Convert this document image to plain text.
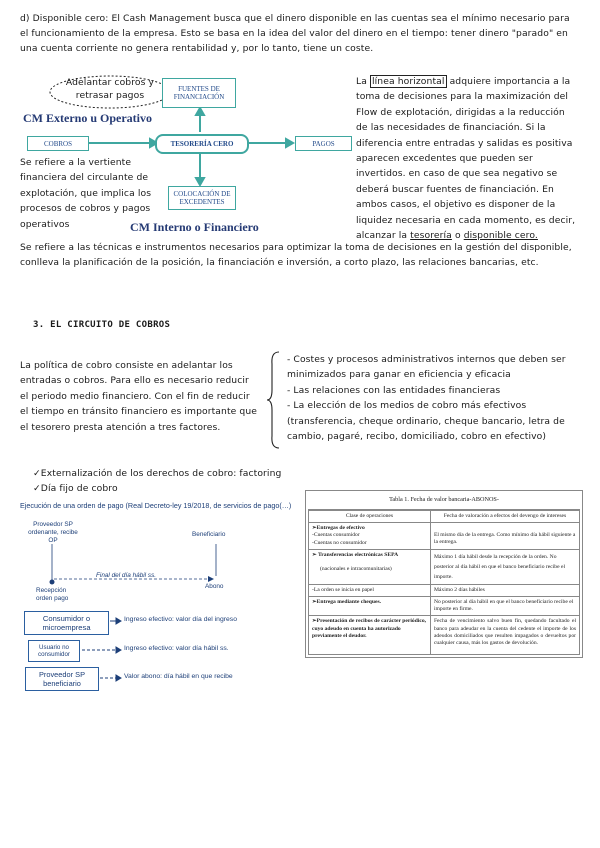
d) Disponible cero: El Cash Management busca que el dinero disponible en las cuentas sea el mínimo necesario para el funcionamiento de la empresa. Esto se basa en la idea del valor del dinero en el tiempo: tener dinero "parado" en una cuenta corriente no genera rentabilidad y, por lo tanto, tiene un coste.
Adelantar cobros y retrasar pagos
CM Externo u Operativo
FUENTES DE FINANCIACIÓN
COBROS	TESORERÍA CERO	PAGOS
COLOCACIÓN DE EXCEDENTES
Se refiere a la vertiente financiera del circulante de explotación, que implica los procesos de cobros y pagos operativos	CM Interno o Financiero
La línea horizontal adquiere importancia a la toma de decisiones para la maximización del Flow de explotación, dirigidas a la reducción de las necesidades de financiación. Si la diferencia entre entradas y salidas es positiva aparecen excedentes que pueden ser invertidos. en caso de que sea negativo se deberá buscar fuentes de financiación. En ambos casos, el objetivo es disponer de la liquidez necesaria en cada momento, es decir, alcanzar la tesorería o disponible cero.
Se refiere a las técnicas e instrumentos necesarios para optimizar la toma de decisiones en la gestión del disponible, conlleva la planificación de la posición, la financiación e inversión, a corto plazo, las relaciones bancarias, etc.
3. EL CIRCUITO DE COBROS
La política de cobro consiste en adelantar los entradas o cobros. Para ello es necesario reducir el periodo medio financiero. Con el fin de reducir el tiempo en tránsito financiero es importante que el tesorero presta atención a tres factores.
- Costes y procesos administrativos internos que deben ser minimizados para ganar en eficiencia y eficacia
- Las relaciones con las entidades financieras
- La elección de los medios de cobro más efectivos (transferencia, cheque ordinario, cheque bancario, letra de cambio, pagaré, recibo, domiciliado, cobro en efectivo)
✓Externalización de los derechos de cobro: factoring
✓Día fijo de cobro
Ejecución de una orden de pago (Real Decreto-ley 19/2018, de servicios de pago(…)
Proveedor SP ordenante, recibe OP
Beneficiario
Final del día hábil ss.
Abono
Recepción orden pago
Consumidor o microempresa
Usuario no consumidor
Proveedor SP beneficiario
Ingreso efectivo: valor día del ingreso
Ingreso efectivo: valor día hábil ss.
Valor abono: día hábil en que recibe
Tabla 1. Fecha de valor bancaria-ABONOS-
Clase de operaciones	Fecha de valoración a efectos del devengo de intereses
➢Entregas de efectivo
-Cuentas consumidor
-Cuentas no consumidor	El mismo día de la entrega. Como mínimo día hábil siguiente a la entrega.
➢ Transferencias electrónicas SEPA

(nacionales e intracomunitarias)	Máximo 1 día hábil desde la recepción de la orden. No posterior al día hábil en que el banco beneficiario recibe el importe.
-La orden se inicia en papel	Máximo 2 días hábiles
➢Entrega mediante cheques.	No posterior al día hábil en que el banco beneficiario recibe el importe en firme.
➢Presentación de recibos de carácter periódico, cuyo adeudo en cuenta ha autorizado previamente el deudor.	Fecha de vencimiento salvo buen fin, quedando facultado el banco para adeudar en la cuenta del cedente el importe de los adeudos domiciliados que resulten impagados o devueltos por cualquier causa, más los gastos de devolución.
